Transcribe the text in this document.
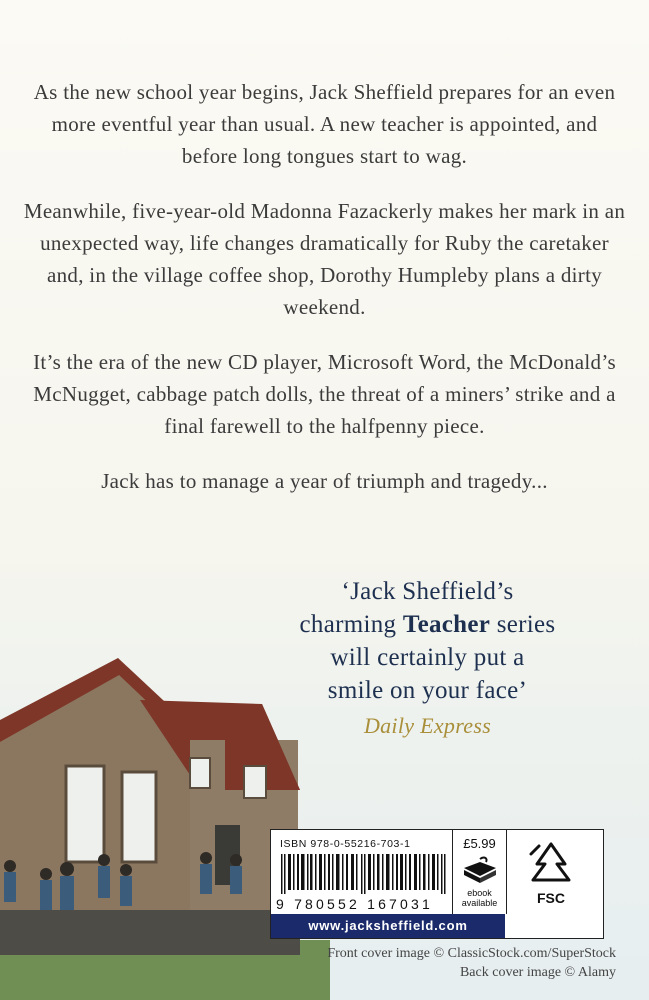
As the new school year begins, Jack Sheffield prepares for an even more eventful year than usual. A new teacher is appointed, and before long tongues start to wag.

Meanwhile, five-year-old Madonna Fazackerly makes her mark in an unexpected way, life changes dramatically for Ruby the caretaker and, in the village coffee shop, Dorothy Humpleby plans a dirty weekend.

It’s the era of the new CD player, Microsoft Word, the McDonald’s McNugget, cabbage patch dolls, the threat of a miners’ strike and a final farewell to the halfpenny piece.

Jack has to manage a year of triumph and tragedy...

‘Jack Sheffield’s
charming Teacher series
will certainly put a
smile on your face’
Daily Express
ISBN 978-0-55216-703-1
9 780552 167031
£5.99
ebook
available	FSC
www.jacksheffield.com
Front cover image © ClassicStock.com/SuperStock
Back cover image © Alamy
